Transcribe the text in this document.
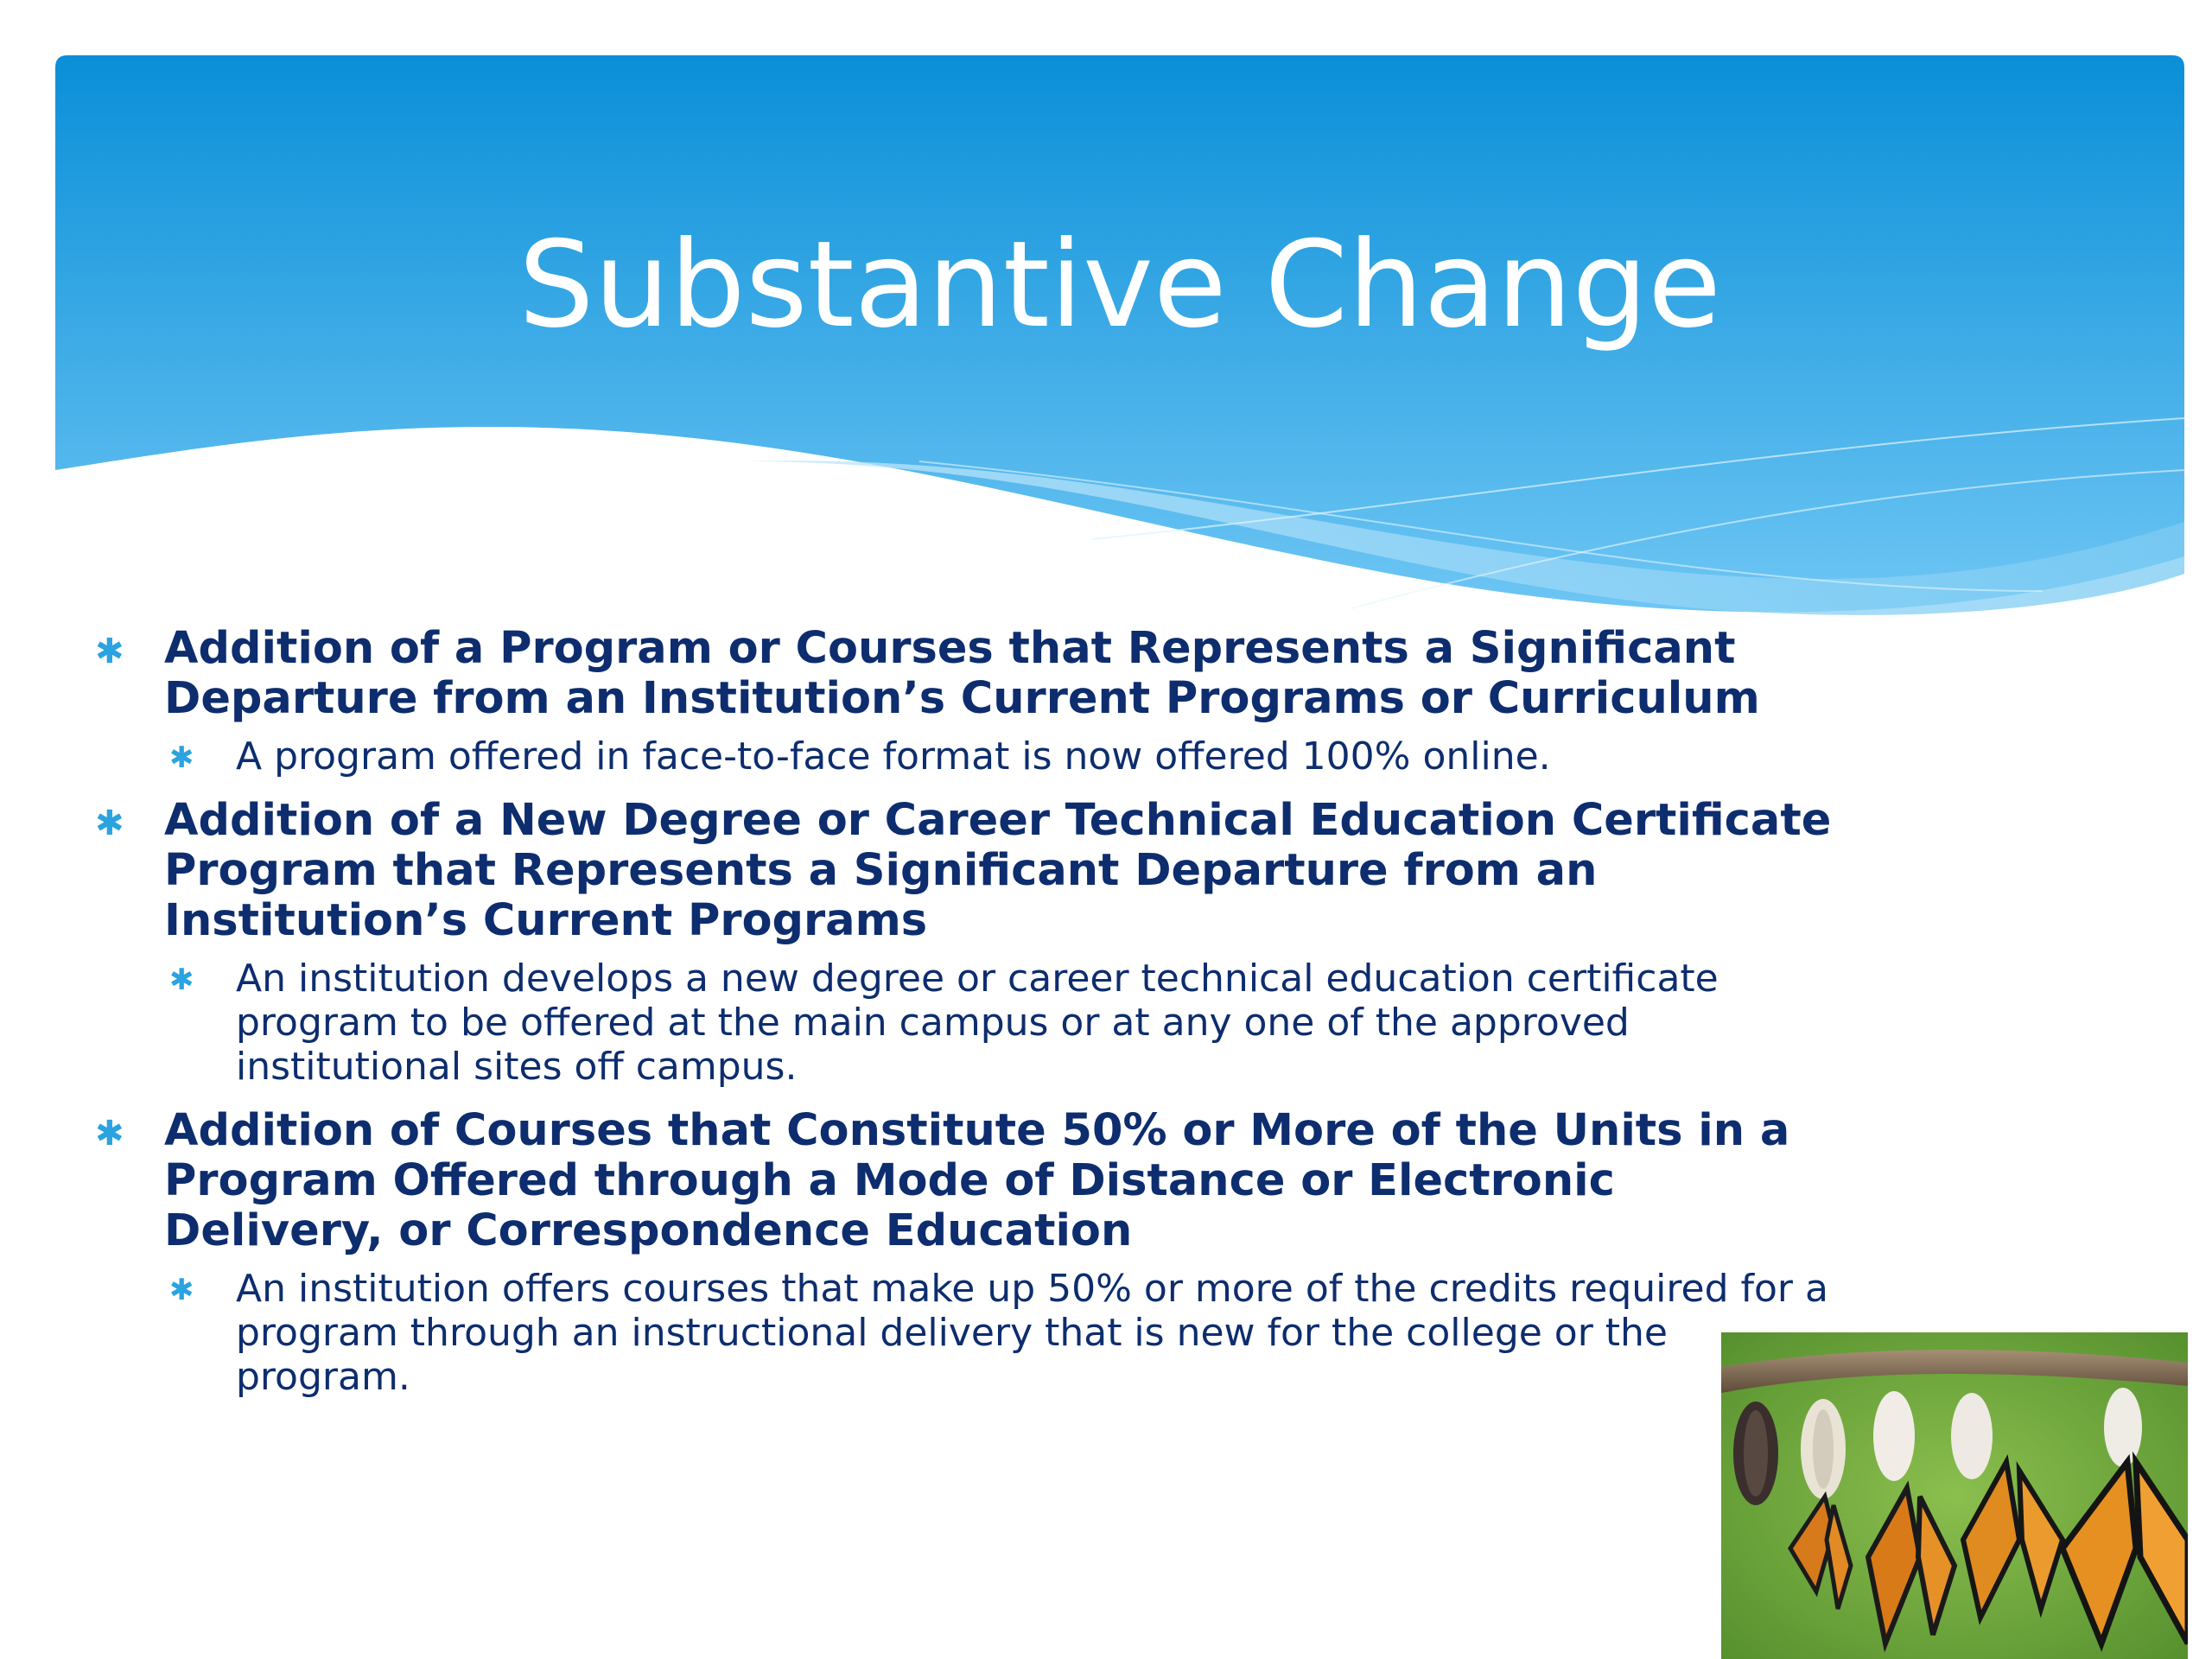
Substantive Change
✱ Addition of a Program or Courses that Represents a Significant Departure from an Institution’s Current Programs or Curriculum
✱ A program offered in face-to-face format is now offered 100% online.
✱ Addition of a New Degree or Career Technical Education Certificate Program that Represents a Significant Departure from an Institution’s Current Programs
✱ An institution develops a new degree or career technical education certificate program to be offered at the main campus or at any one of the approved institutional sites off campus.
✱ Addition of Courses that Constitute 50% or More of the Units in a Program Offered through a Mode of Distance or Electronic Delivery, or Correspondence Education
✱ An institution offers courses that make up 50% or more of the credits required for a program through an instructional delivery that is new for the college or the program.
